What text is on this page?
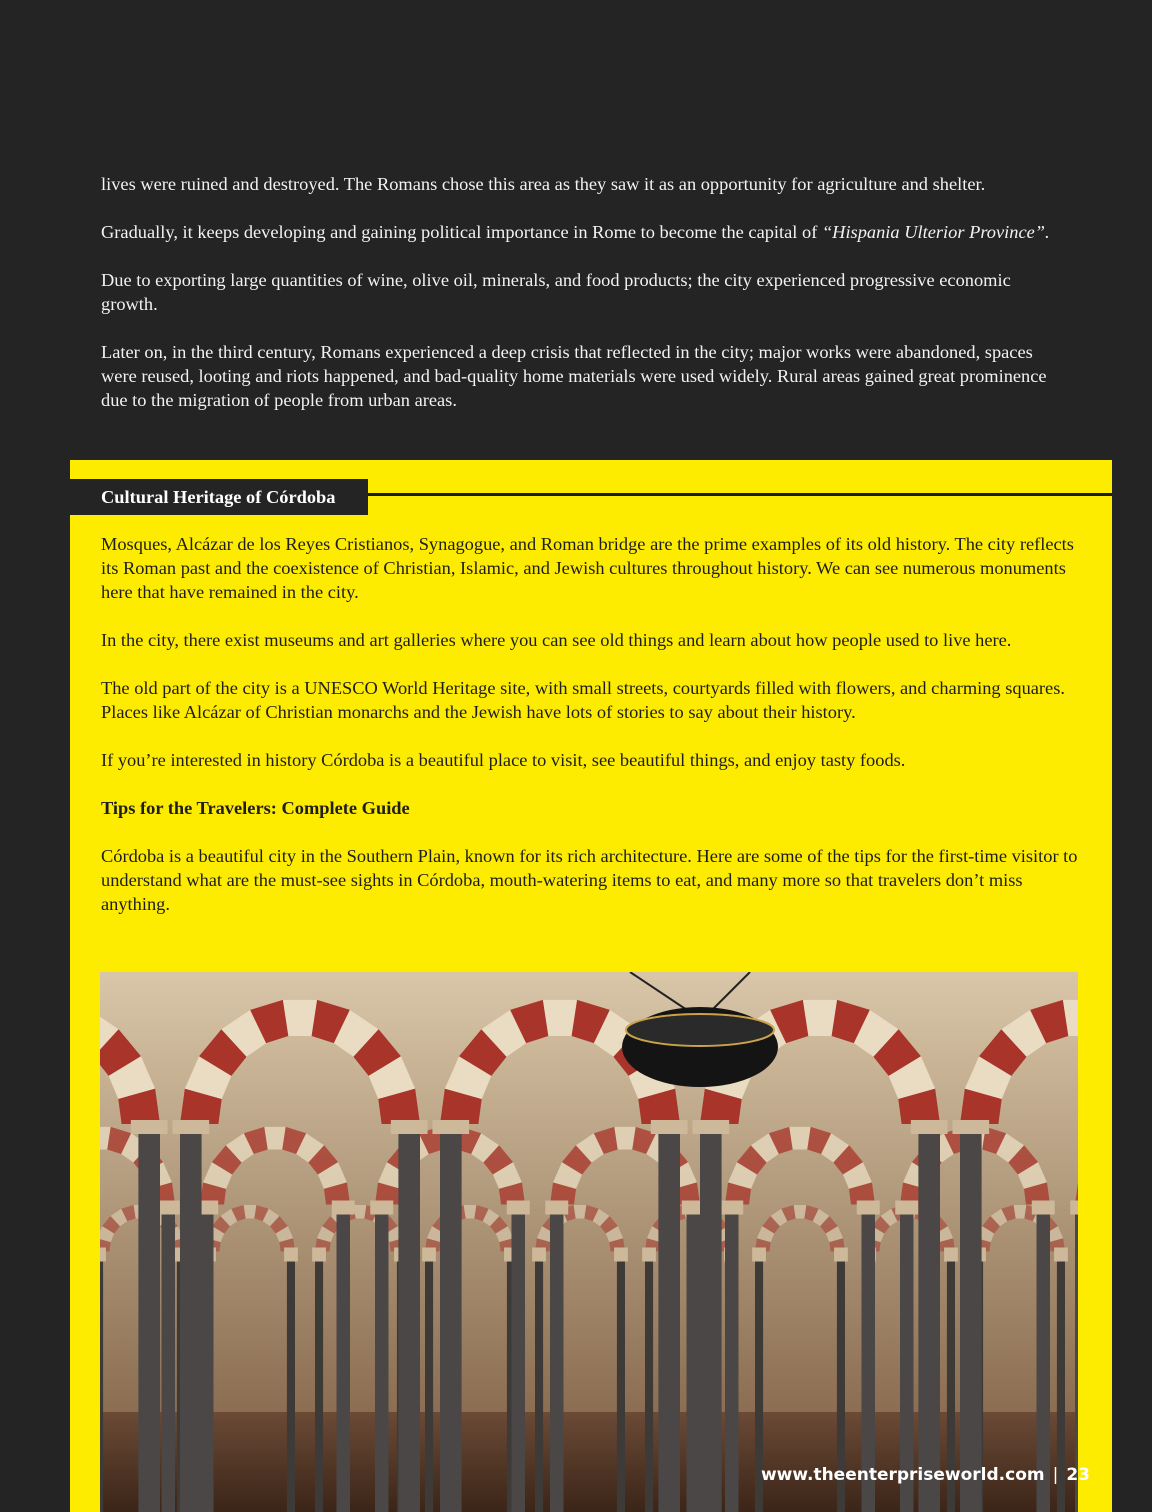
lives were ruined and destroyed. The Romans chose this area as they saw it as an opportunity for agriculture and shelter.

Gradually, it keeps developing and gaining political importance in Rome to become the capital of “Hispania Ulterior Province”.

Due to exporting large quantities of wine, olive oil, minerals, and food products; the city experienced progressive economic growth.

Later on, in the third century, Romans experienced a deep crisis that reflected in the city; major works were abandoned, spaces were reused, looting and riots happened, and bad-quality home materials were used widely. Rural areas gained great prominence due to the migration of people from urban areas.

Cultural Heritage of Córdoba

Mosques, Alcázar de los Reyes Cristianos, Synagogue, and Roman bridge are the prime examples of its old history. The city reflects its Roman past and the coexistence of Christian, Islamic, and Jewish cultures throughout history. We can see numerous monuments here that have remained in the city.

In the city, there exist museums and art galleries where you can see old things and learn about how people used to live here.

The old part of the city is a UNESCO World Heritage site, with small streets, courtyards filled with flowers, and charming squares. Places like Alcázar of Christian monarchs and the Jewish have lots of stories to say about their history.

If you’re interested in history Córdoba is a beautiful place to visit, see beautiful things, and enjoy tasty foods.

Tips for the Travelers: Complete Guide

Córdoba is a beautiful city in the Southern Plain, known for its rich architecture. Here are some of the tips for the first-time visitor to understand what are the must-see sights in Córdoba, mouth-watering items to eat, and many more so that travelers don’t miss anything.

www.theenterpriseworld.com | 23
